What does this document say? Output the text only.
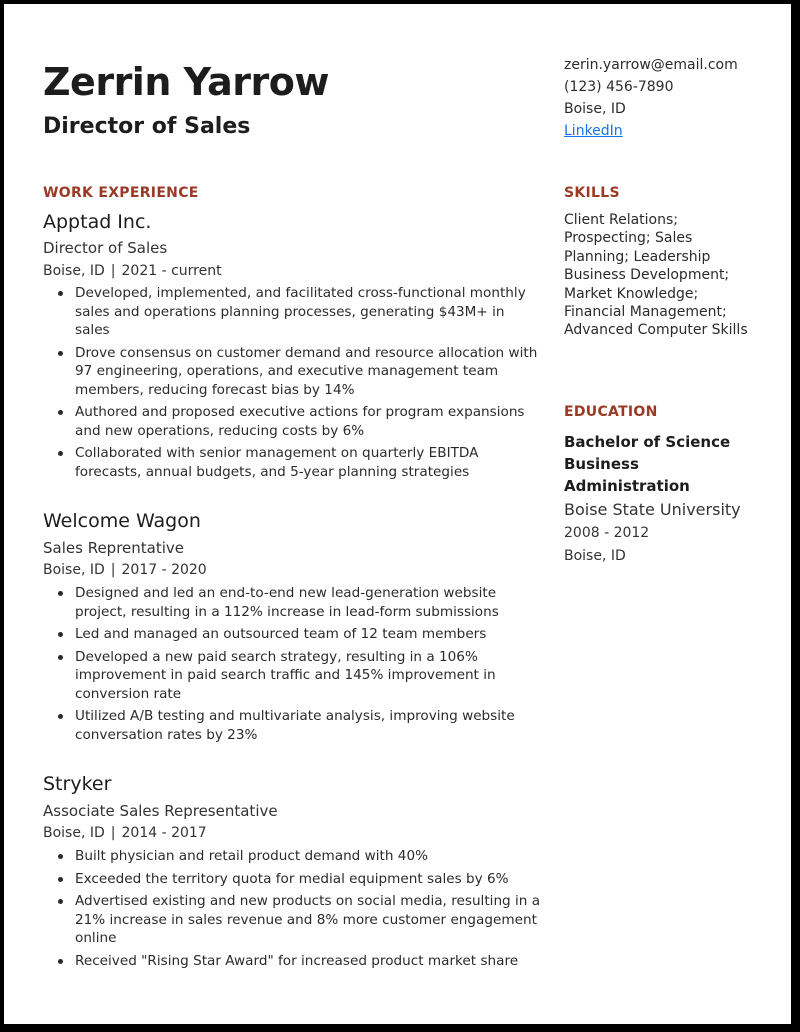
Zerrin Yarrow
Director of Sales
zerin.yarrow@email.com
(123) 456-7890
Boise, ID
LinkedIn
WORK EXPERIENCE
Apptad Inc.
Director of Sales
Boise, ID | 2021 - current
Developed, implemented, and facilitated cross-functional monthly sales and operations planning processes, generating $43M+ in sales
Drove consensus on customer demand and resource allocation with 97 engineering, operations, and executive management team members, reducing forecast bias by 14%
Authored and proposed executive actions for program expansions and new operations, reducing costs by 6%
Collaborated with senior management on quarterly EBITDA forecasts, annual budgets, and 5-year planning strategies
Welcome Wagon
Sales Reprentative
Boise, ID | 2017 - 2020
Designed and led an end-to-end new lead-generation website project, resulting in a 112% increase in lead-form submissions
Led and managed an outsourced team of 12 team members
Developed a new paid search strategy, resulting in a 106% improvement in paid search traffic and 145% improvement in conversion rate
Utilized A/B testing and multivariate analysis, improving website conversation rates by 23%
Stryker
Associate Sales Representative
Boise, ID | 2014 - 2017
Built physician and retail product demand with 40%
Exceeded the territory quota for medial equipment sales by 6%
Advertised existing and new products on social media, resulting in a 21% increase in sales revenue and 8% more customer engagement online
Received "Rising Star Award" for increased product market share
SKILLS
Client Relations; Prospecting; Sales Planning; Leadership Business Development; Market Knowledge; Financial Management; Advanced Computer Skills
EDUCATION
Bachelor of Science Business Administration
Boise State University
2008 - 2012
Boise, ID
